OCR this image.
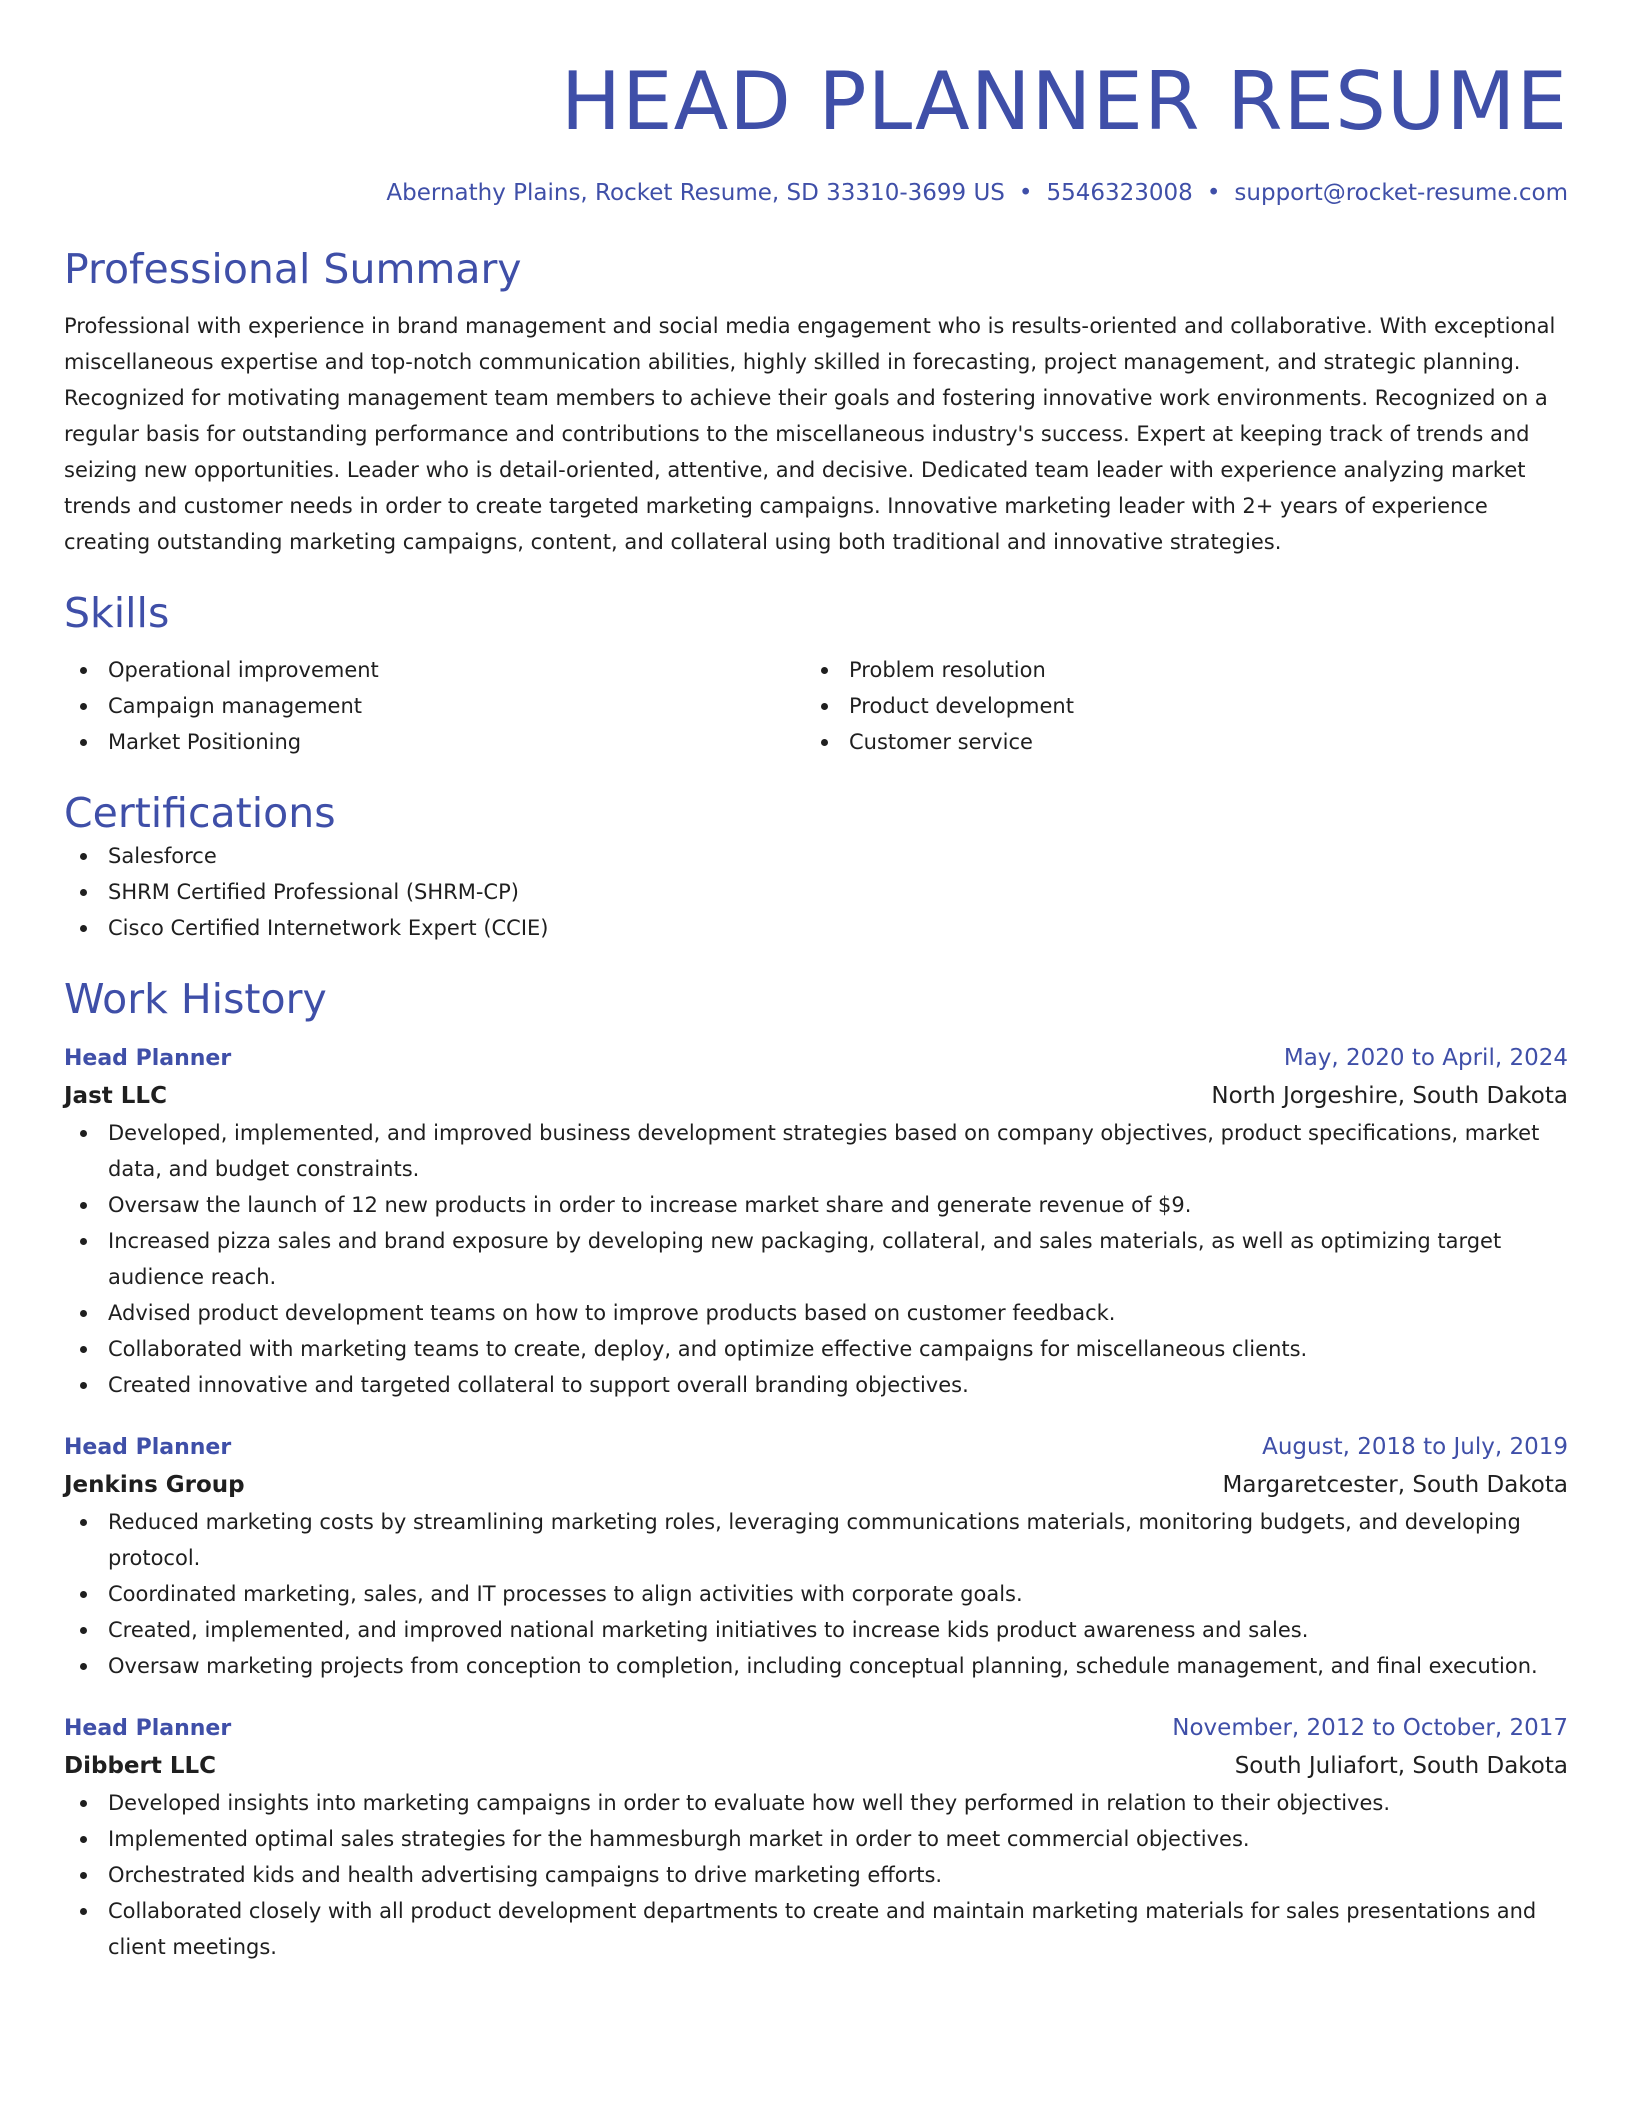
HEAD PLANNER RESUME
Abernathy Plains, Rocket Resume, SD 33310-3699 US • 5546323008 • support@rocket-resume.com
Professional Summary

Professional with experience in brand management and social media engagement who is results-oriented and collaborative. With exceptional miscellaneous expertise and top-notch communication abilities, highly skilled in forecasting, project management, and strategic planning. Recognized for motivating management team members to achieve their goals and fostering innovative work environments. Recognized on a regular basis for outstanding performance and contributions to the miscellaneous industry's success. Expert at keeping track of trends and seizing new opportunities. Leader who is detail-oriented, attentive, and decisive. Dedicated team leader with experience analyzing market trends and customer needs in order to create targeted marketing campaigns. Innovative marketing leader with 2+ years of experience creating outstanding marketing campaigns, content, and collateral using both traditional and innovative strategies.

Skills
Operational improvement
Campaign management
Market Positioning
Problem resolution
Product development
Customer service
Certifications
Salesforce
SHRM Certified Professional (SHRM-CP)
Cisco Certified Internetwork Expert (CCIE)
Work History
Head Planner	May, 2020 to April, 2024
Jast LLC	North Jorgeshire, South Dakota
Developed, implemented, and improved business development strategies based on company objectives, product specifications, market data, and budget constraints.
Oversaw the launch of 12 new products in order to increase market share and generate revenue of $9.
Increased pizza sales and brand exposure by developing new packaging, collateral, and sales materials, as well as optimizing target audience reach.
Advised product development teams on how to improve products based on customer feedback.
Collaborated with marketing teams to create, deploy, and optimize effective campaigns for miscellaneous clients.
Created innovative and targeted collateral to support overall branding objectives.
Head Planner	August, 2018 to July, 2019
Jenkins Group	Margaretcester, South Dakota
Reduced marketing costs by streamlining marketing roles, leveraging communications materials, monitoring budgets, and developing protocol.
Coordinated marketing, sales, and IT processes to align activities with corporate goals.
Created, implemented, and improved national marketing initiatives to increase kids product awareness and sales.
Oversaw marketing projects from conception to completion, including conceptual planning, schedule management, and final execution.
Head Planner	November, 2012 to October, 2017
Dibbert LLC	South Juliafort, South Dakota
Developed insights into marketing campaigns in order to evaluate how well they performed in relation to their objectives.
Implemented optimal sales strategies for the hammesburgh market in order to meet commercial objectives.
Orchestrated kids and health advertising campaigns to drive marketing efforts.
Collaborated closely with all product development departments to create and maintain marketing materials for sales presentations and client meetings.
